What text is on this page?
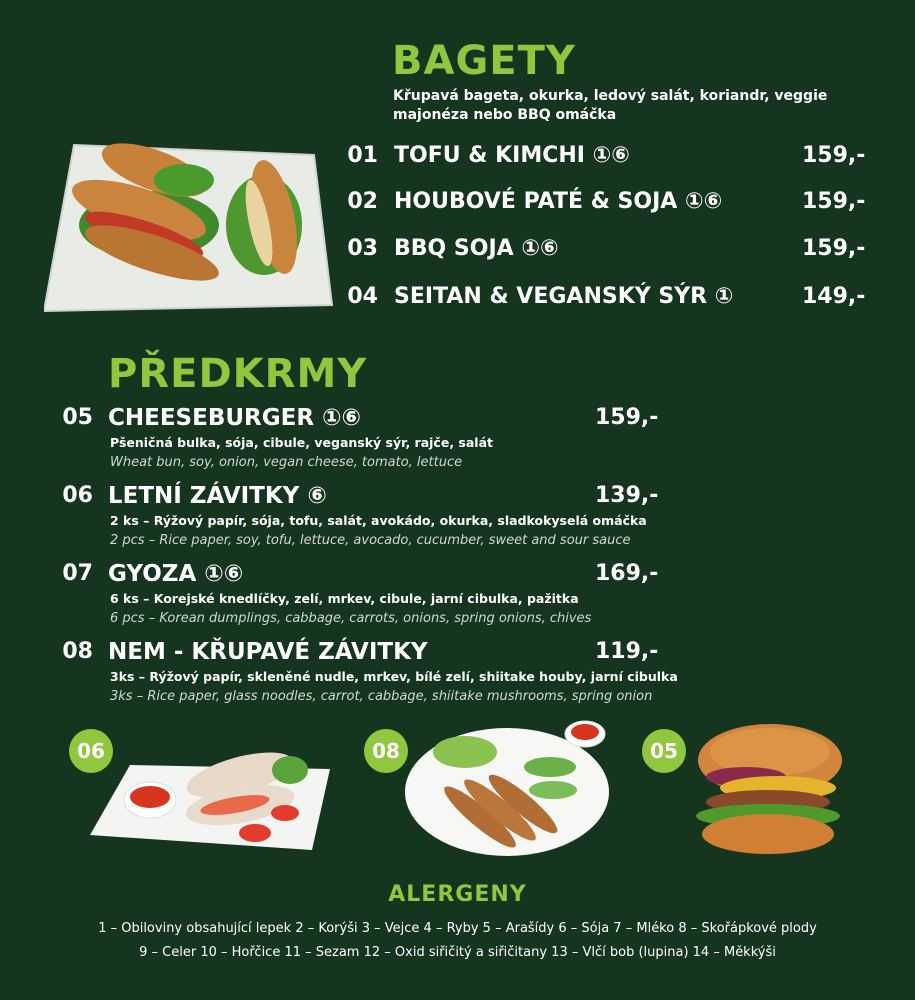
BAGETY
Křupavá bageta, okurka, ledový salát, koriandr, veggie
majonéza nebo BBQ omáčka
01 TOFU & KIMCHI ①⑥	159,-
02 HOUBOVÉ PATÉ & SOJA ①⑥	159,-
03 BBQ SOJA ①⑥	159,-
04 SEITAN & VEGANSKÝ SÝR ①	149,-
PŘEDKRMY
05 CHEESEBURGER ①⑥	159,-
Pšeničná bulka, sója, cibule, veganský sýr, rajče, salát
Wheat bun, soy, onion, vegan cheese, tomato, lettuce
06 LETNÍ ZÁVITKY ⑥	139,-
2 ks – Rýžový papír, sója, tofu, salát, avokádo, okurka, sladkokyselá omáčka
2 pcs – Rice paper, soy, tofu, lettuce, avocado, cucumber, sweet and sour sauce
07 GYOZA ①⑥	169,-
6 ks – Korejské knedlíčky, zelí, mrkev, cibule, jarní cibulka, pažitka
6 pcs – Korean dumplings, cabbage, carrots, onions, spring onions, chives
08 NEM - KŘUPAVÉ ZÁVITKY	119,-
3ks – Rýžový papír, skleněné nudle, mrkev, bílé zelí, shiitake houby, jarní cibulka
3ks – Rice paper, glass noodles, carrot, cabbage, shiitake mushrooms, spring onion
06	08	05
ALERGENY
1 – Obiloviny obsahující lepek 2 – Korýši 3 – Vejce 4 – Ryby 5 – Arašídy 6 – Sója 7 – Mléko 8 – Skořápkové plody
9 – Celer 10 – Hořčice 11 – Sezam 12 – Oxid siřičitý a siřičitany 13 – Vlčí bob (lupina) 14 – Měkkýši
